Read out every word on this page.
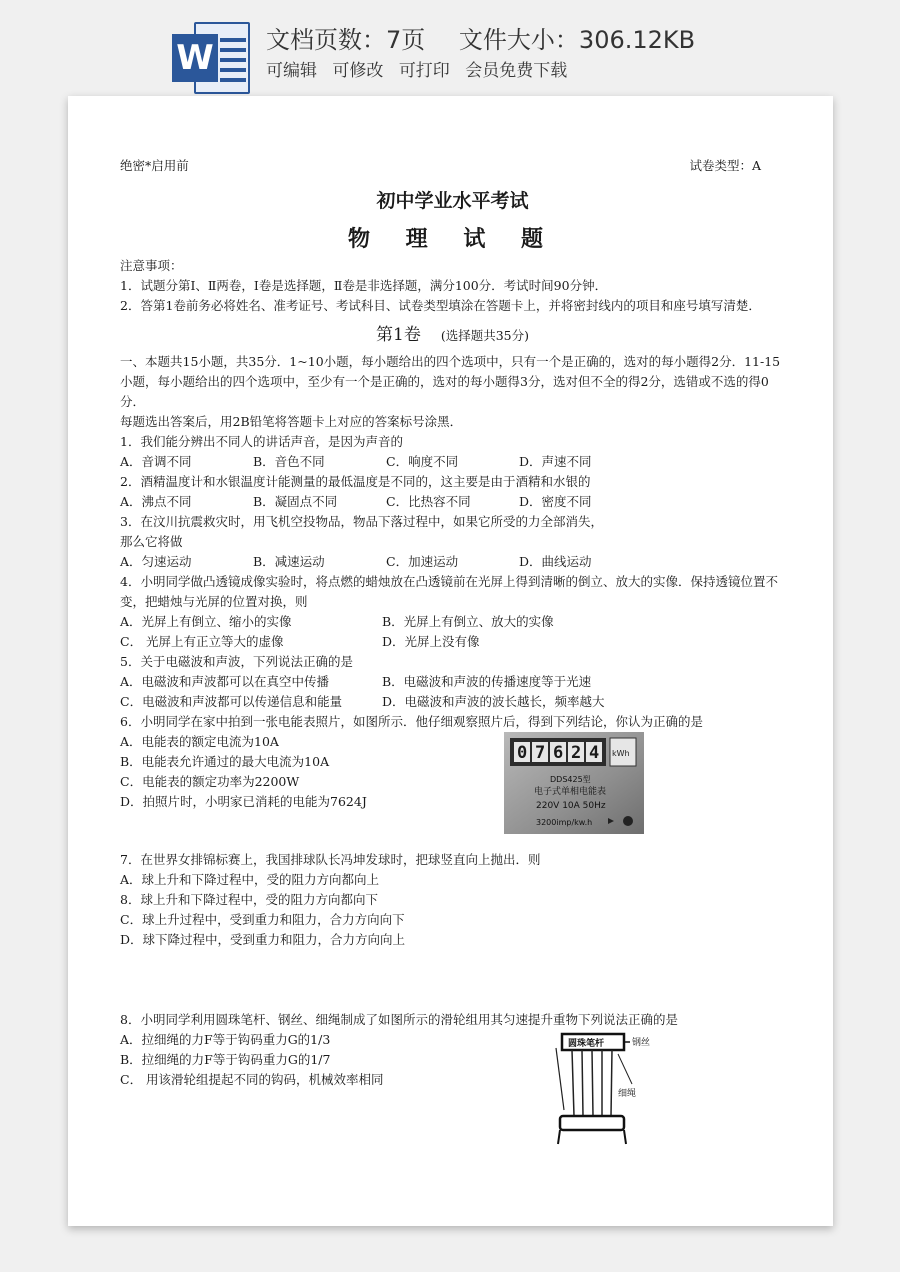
W 文档页数：7页 文件大小：306.12KB
可编辑 可修改 可打印 会员免费下载
绝密*启用前	试卷类型：A
初中学业水平考试
物 理 试 题

注意事项：

1．试题分第Ⅰ、Ⅱ两卷，Ⅰ卷是选择题，Ⅱ卷是非选择题，满分100分．考试时间90分钟．

2．答第1卷前务必将姓名、准考证号、考试科目、试卷类型填涂在答题卡上，并将密封线内的项目和座号填写清楚．

第1卷 (选择题共35分)

一、本题共15小题，共35分．1~10小题，每小题给出的四个选项中，只有一个是正确的，选对的每小题得2分．11-15小题，每小题给出的四个选项中，至少有一个是正确的，选对的每小题得3分，选对但不全的得2分，选错或不选的得0分．

每题选出答案后，用2B铅笔将答题卡上对应的答案标号涂黑．

1．我们能分辨出不同人的讲话声音，是因为声音的

A．音调不同	B．音色不同	C．响度不同	D．声速不同

2．酒精温度计和水银温度计能测量的最低温度是不同的，这主要是由于酒精和水银的

A．沸点不同	B．凝固点不同	C．比热容不同	D．密度不同

3．在汶川抗震救灾时，用飞机空投物品，物品下落过程中，如果它所受的力全部消失，

那么它将做

A．匀速运动	B．减速运动	C．加速运动	D．曲线运动

4．小明同学做凸透镜成像实验时，将点燃的蜡烛放在凸透镜前在光屏上得到清晰的倒立、放大的实像．保持透镜位置不变，把蜡烛与光屏的位置对换，则

A．光屏上有倒立、缩小的实像	B．光屏上有倒立、放大的实像
C． 光屏上有正立等大的虚像	D．光屏上没有像

5．关于电磁波和声波，下列说法正确的是

A．电磁波和声波都可以在真空中传播	B．电磁波和声波的传播速度等于光速
C．电磁波和声波都可以传递信息和能量	D．电磁波和声波的波长越长，频率越大

6．小明同学在家中拍到一张电能表照片，如图所示．他仔细观察照片后，得到下列结论，你认为正确的是

A．电能表的额定电流为10A

B．电能表允许通过的最大电流为10A

C．电能表的额定功率为2200W

D．拍照片时，小明家已消耗的电能为7624J

0 7 6 2 4 kWh
DDS425型
电子式单相电能表
220V 10A 50Hz
3200imp/kw.h

7．在世界女排锦标赛上，我国排球队长冯坤发球时，把球竖直向上抛出．则

A．球上升和下降过程中，受的阻力方向都向上

8．球上升和下降过程中，受的阻力方向都向下

C．球上升过程中，受到重力和阻力，合力方向向下

D．球下降过程中，受到重力和阻力，合力方向向上

8．小明同学利用圆珠笔杆、钢丝、细绳制成了如图所示的滑轮组用其匀速提升重物下列说法正确的是

A．拉细绳的力F等于钩码重力G的1/3

B．拉细绳的力F等于钩码重力G的1/7

C． 用该滑轮组提起不同的钩码，机械效率相同

圆珠笔杆	钢丝
细绳
